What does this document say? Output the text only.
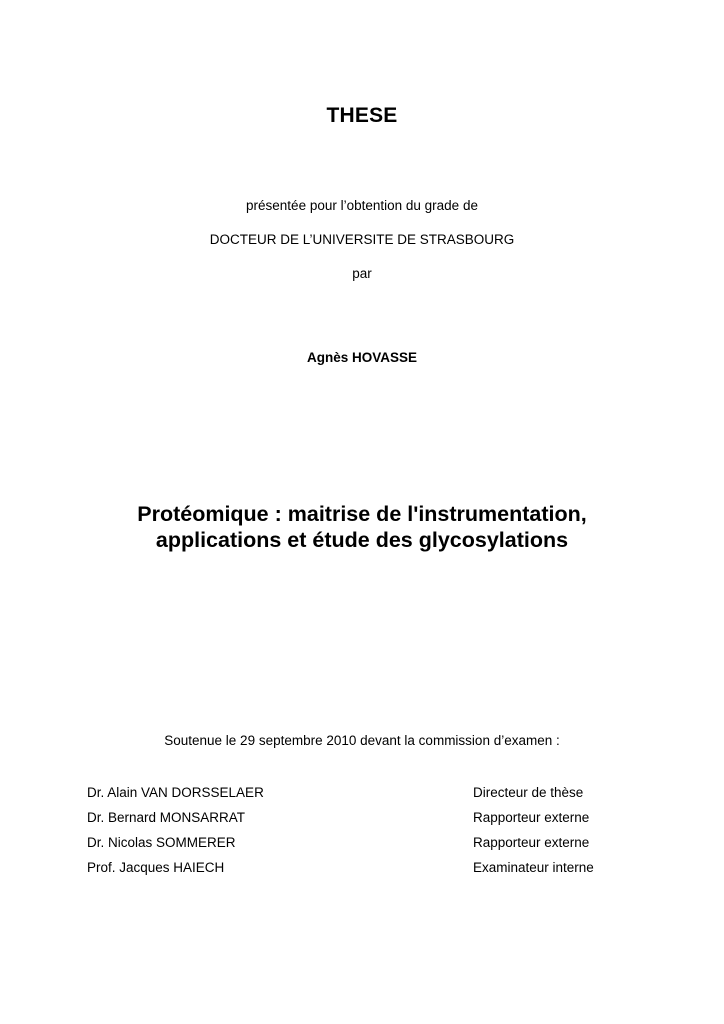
THESE
présentée pour l’obtention du grade de
DOCTEUR DE L’UNIVERSITE DE STRASBOURG
par
Agnès HOVASSE
Protéomique : maitrise de l'instrumentation,
applications et étude des glycosylations
Soutenue le 29 septembre 2010 devant la commission d’examen :
Dr. Alain VAN DORSSELAER	Directeur de thèse
Dr. Bernard MONSARRAT	Rapporteur externe
Dr. Nicolas SOMMERER	Rapporteur externe
Prof. Jacques HAIECH	Examinateur interne
